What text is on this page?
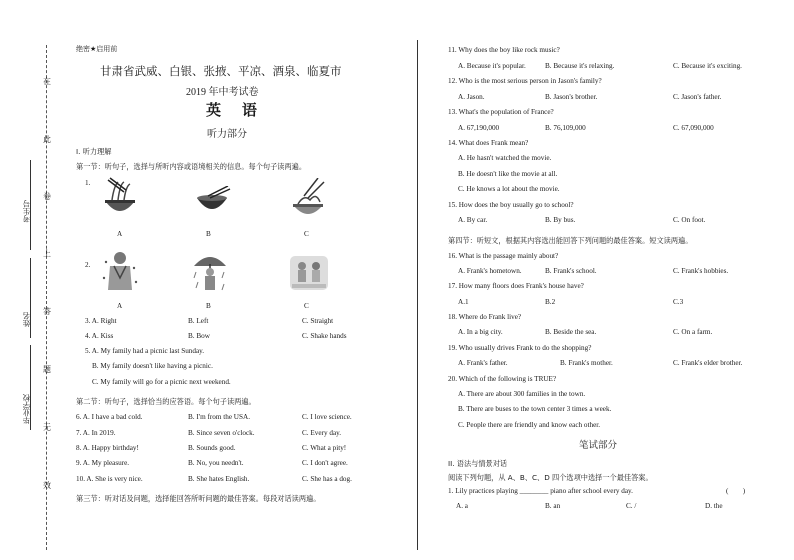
在
此
卷
上
答
题
无
效
考生号
姓名
毕业学校
绝密★启用前
甘肃省武威、白银、张掖、平凉、酒泉、临夏市
2019 年中考试卷
英    语
听力部分
I. 听力理解
第一节：听句子，选择与所听内容或语境相关的信息。每个句子读两遍。
1.
A	B	C
2.
A	B	C
3. A. Right	B. Left	C. Straight
4. A. Kiss	B. Bow	C. Shake hands
5. A. My family had a picnic last Sunday.
B. My family doesn't like having a picnic.
C. My family will go for a picnic next weekend.
第二节：听句子，选择恰当的应答语。每个句子读两遍。
6. A. I have a bad cold.	B. I'm from the USA.	C. I love science.
7. A. In 2019.	B. Since seven o'clock.	C. Every day.
8. A. Happy birthday!	B. Sounds good.	C. What a pity!
9. A. My pleasure.	B. No, you needn't.	C. I don't agree.
10. A. She is very nice.	B. She hates English.	C. She has a dog.
第三节：听对话及问题，选择能回答所听问题的最佳答案。每段对话读两遍。
11. Why does the boy like rock music?
A. Because it's popular.	B. Because it's relaxing.	C. Because it's exciting.
12. Who is the most serious person in Jason's family?
A. Jason.	B. Jason's brother.	C. Jason's father.
13. What's the population of France?
A. 67,190,000	B. 76,109,000	C. 67,090,000
14. What does Frank mean?
A. He hasn't watched the movie.
B. He doesn't like the movie at all.
C. He knows a lot about the movie.
15. How does the boy usually go to school?
A. By car.	B. By bus.	C. On foot.
第四节：听短文，根据其内容选出能回答下列问题的最佳答案。短文读两遍。
16. What is the passage mainly about?
A. Frank's hometown.	B. Frank's school.	C. Frank's hobbies.
17. How many floors does Frank's house have?
A.1	B.2	C.3
18. Where do Frank live?
A. In a big city.	B. Beside the sea.	C. On a farm.
19. Who usually drives Frank to do the shopping?
A. Frank's father.	B. Frank's mother.	C. Frank's elder brother.
20. Which of the following is TRUE?
A. There are about 300 families in the town.
B. There are buses to the town center 3 times a week.
C. People there are friendly and know each other.
笔试部分
II. 语法与情景对话
阅读下列句题，从 A、B、C、D 四个选项中选择一个最佳答案。
1. Lily practices playing ________ piano after school every day.	(        )
A. a	B. an	C. /	D. the
